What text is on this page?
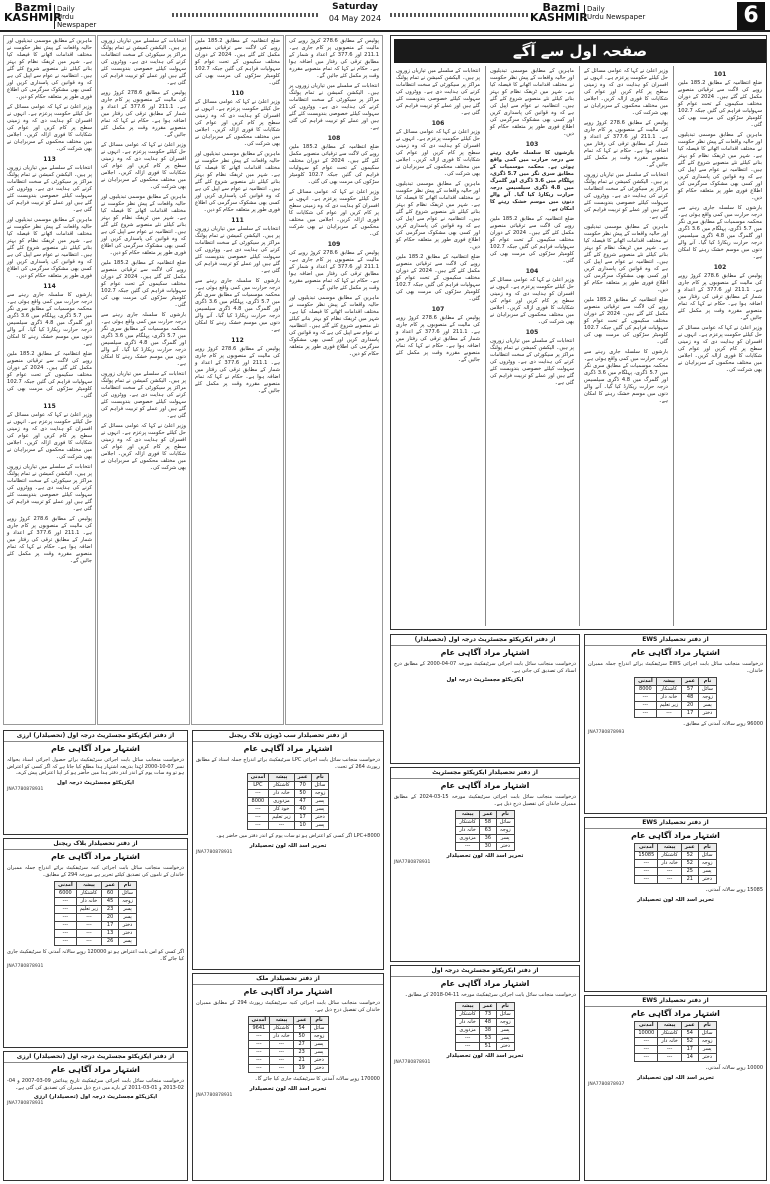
Bazmi
KASHMIR
Daily
Urdu Newspaper
Saturday
04 May 2024
Bazmi
KASHMIR
Daily
Urdu Newspaper	6

ماہرین کے مطابق موسمی تبدیلیوں اور حالیہ واقعات کے پیش نظر حکومت نے مختلف اقدامات اٹھانے کا فیصلہ کیا ہے۔ شہر میں ٹریفک نظام کو بہتر بنانے کیلئے نئے منصوبے شروع کئے گئے ہیں۔ انتظامیہ نے عوام سے اپیل کی ہے کہ وہ قوانین کی پاسداری کریں اور کسی بھی مشکوک سرگرمی کی اطلاع فوری طور پر متعلقہ حکام کو دیں۔

وزیر اعلیٰ نے کہا کہ عوامی مسائل کے حل کیلئے حکومت پرعزم ہے۔ انہوں نے افسران کو ہدایت دی کہ وہ زمینی سطح پر کام کریں اور عوام کی شکایات کا فوری ازالہ کریں۔ اجلاس میں مختلف محکموں کے سربراہان نے بھی شرکت کی۔

113

انتخابات کے سلسلے میں تیاریاں زوروں پر ہیں۔ الیکشن کمیشن نے تمام پولنگ مراکز پر سیکورٹی کے سخت انتظامات کرنے کی ہدایت دی ہے۔ ووٹروں کی سہولت کیلئے خصوصی بندوبست کئے گئے ہیں اور عملے کو تربیت فراہم کی گئی ہے۔

ماہرین کے مطابق موسمی تبدیلیوں اور حالیہ واقعات کے پیش نظر حکومت نے مختلف اقدامات اٹھانے کا فیصلہ کیا ہے۔ شہر میں ٹریفک نظام کو بہتر بنانے کیلئے نئے منصوبے شروع کئے گئے ہیں۔ انتظامیہ نے عوام سے اپیل کی ہے کہ وہ قوانین کی پاسداری کریں اور کسی بھی مشکوک سرگرمی کی اطلاع فوری طور پر متعلقہ حکام کو دیں۔

114

بارشوں کا سلسلہ جاری رہنے سے درجہ حرارت میں کمی واقع ہوئی ہے۔ محکمہ موسمیات کے مطابق سری نگر میں 5.7 ڈگری، پہلگام میں 3.6 ڈگری اور گلمرگ میں 4.8 ڈگری سیلسیس درجہ حرارت ریکارڈ کیا گیا۔ آنے والے دنوں میں موسم خشک رہنے کا امکان ہے۔

ضلع انتظامیہ کے مطابق 185.2 ملین روپے کی لاگت سے ترقیاتی منصوبے مکمل کئے گئے ہیں۔ 2024 کے دوران مختلف سکیموں کے تحت عوام کو سہولیات فراہم کی گئیں جبکہ 102.7 کلومیٹر سڑکوں کی مرمت بھی کی گئی۔

115

وزیر اعلیٰ نے کہا کہ عوامی مسائل کے حل کیلئے حکومت پرعزم ہے۔ انہوں نے افسران کو ہدایت دی کہ وہ زمینی سطح پر کام کریں اور عوام کی شکایات کا فوری ازالہ کریں۔ اجلاس میں مختلف محکموں کے سربراہان نے بھی شرکت کی۔

انتخابات کے سلسلے میں تیاریاں زوروں پر ہیں۔ الیکشن کمیشن نے تمام پولنگ مراکز پر سیکورٹی کے سخت انتظامات کرنے کی ہدایت دی ہے۔ ووٹروں کی سہولت کیلئے خصوصی بندوبست کئے گئے ہیں اور عملے کو تربیت فراہم کی گئی ہے۔

پولیس کے مطابق 278.6 کروڑ روپے کی مالیت کے منصوبوں پر کام جاری ہے۔ 211.1 اور 377.6 کے اعداد و شمار کے مطابق ترقی کی رفتار میں اضافہ ہوا ہے۔ حکام نے کہا کہ تمام منصوبے مقررہ وقت پر مکمل کئے جائیں گے۔

انتخابات کے سلسلے میں تیاریاں زوروں پر ہیں۔ الیکشن کمیشن نے تمام پولنگ مراکز پر سیکورٹی کے سخت انتظامات کرنے کی ہدایت دی ہے۔ ووٹروں کی سہولت کیلئے خصوصی بندوبست کئے گئے ہیں اور عملے کو تربیت فراہم کی گئی ہے۔

پولیس کے مطابق 278.6 کروڑ روپے کی مالیت کے منصوبوں پر کام جاری ہے۔ 211.1 اور 377.6 کے اعداد و شمار کے مطابق ترقی کی رفتار میں اضافہ ہوا ہے۔ حکام نے کہا کہ تمام منصوبے مقررہ وقت پر مکمل کئے جائیں گے۔

وزیر اعلیٰ نے کہا کہ عوامی مسائل کے حل کیلئے حکومت پرعزم ہے۔ انہوں نے افسران کو ہدایت دی کہ وہ زمینی سطح پر کام کریں اور عوام کی شکایات کا فوری ازالہ کریں۔ اجلاس میں مختلف محکموں کے سربراہان نے بھی شرکت کی۔

ماہرین کے مطابق موسمی تبدیلیوں اور حالیہ واقعات کے پیش نظر حکومت نے مختلف اقدامات اٹھانے کا فیصلہ کیا ہے۔ شہر میں ٹریفک نظام کو بہتر بنانے کیلئے نئے منصوبے شروع کئے گئے ہیں۔ انتظامیہ نے عوام سے اپیل کی ہے کہ وہ قوانین کی پاسداری کریں اور کسی بھی مشکوک سرگرمی کی اطلاع فوری طور پر متعلقہ حکام کو دیں۔

ضلع انتظامیہ کے مطابق 185.2 ملین روپے کی لاگت سے ترقیاتی منصوبے مکمل کئے گئے ہیں۔ 2024 کے دوران مختلف سکیموں کے تحت عوام کو سہولیات فراہم کی گئیں جبکہ 102.7 کلومیٹر سڑکوں کی مرمت بھی کی گئی۔

بارشوں کا سلسلہ جاری رہنے سے درجہ حرارت میں کمی واقع ہوئی ہے۔ محکمہ موسمیات کے مطابق سری نگر میں 5.7 ڈگری، پہلگام میں 3.6 ڈگری اور گلمرگ میں 4.8 ڈگری سیلسیس درجہ حرارت ریکارڈ کیا گیا۔ آنے والے دنوں میں موسم خشک رہنے کا امکان ہے۔

انتخابات کے سلسلے میں تیاریاں زوروں پر ہیں۔ الیکشن کمیشن نے تمام پولنگ مراکز پر سیکورٹی کے سخت انتظامات کرنے کی ہدایت دی ہے۔ ووٹروں کی سہولت کیلئے خصوصی بندوبست کئے گئے ہیں اور عملے کو تربیت فراہم کی گئی ہے۔

وزیر اعلیٰ نے کہا کہ عوامی مسائل کے حل کیلئے حکومت پرعزم ہے۔ انہوں نے افسران کو ہدایت دی کہ وہ زمینی سطح پر کام کریں اور عوام کی شکایات کا فوری ازالہ کریں۔ اجلاس میں مختلف محکموں کے سربراہان نے بھی شرکت کی۔

ضلع انتظامیہ کے مطابق 185.2 ملین روپے کی لاگت سے ترقیاتی منصوبے مکمل کئے گئے ہیں۔ 2024 کے دوران مختلف سکیموں کے تحت عوام کو سہولیات فراہم کی گئیں جبکہ 102.7 کلومیٹر سڑکوں کی مرمت بھی کی گئی۔

110

وزیر اعلیٰ نے کہا کہ عوامی مسائل کے حل کیلئے حکومت پرعزم ہے۔ انہوں نے افسران کو ہدایت دی کہ وہ زمینی سطح پر کام کریں اور عوام کی شکایات کا فوری ازالہ کریں۔ اجلاس میں مختلف محکموں کے سربراہان نے بھی شرکت کی۔

ماہرین کے مطابق موسمی تبدیلیوں اور حالیہ واقعات کے پیش نظر حکومت نے مختلف اقدامات اٹھانے کا فیصلہ کیا ہے۔ شہر میں ٹریفک نظام کو بہتر بنانے کیلئے نئے منصوبے شروع کئے گئے ہیں۔ انتظامیہ نے عوام سے اپیل کی ہے کہ وہ قوانین کی پاسداری کریں اور کسی بھی مشکوک سرگرمی کی اطلاع فوری طور پر متعلقہ حکام کو دیں۔

111

انتخابات کے سلسلے میں تیاریاں زوروں پر ہیں۔ الیکشن کمیشن نے تمام پولنگ مراکز پر سیکورٹی کے سخت انتظامات کرنے کی ہدایت دی ہے۔ ووٹروں کی سہولت کیلئے خصوصی بندوبست کئے گئے ہیں اور عملے کو تربیت فراہم کی گئی ہے۔

بارشوں کا سلسلہ جاری رہنے سے درجہ حرارت میں کمی واقع ہوئی ہے۔ محکمہ موسمیات کے مطابق سری نگر میں 5.7 ڈگری، پہلگام میں 3.6 ڈگری اور گلمرگ میں 4.8 ڈگری سیلسیس درجہ حرارت ریکارڈ کیا گیا۔ آنے والے دنوں میں موسم خشک رہنے کا امکان ہے۔

112

پولیس کے مطابق 278.6 کروڑ روپے کی مالیت کے منصوبوں پر کام جاری ہے۔ 211.1 اور 377.6 کے اعداد و شمار کے مطابق ترقی کی رفتار میں اضافہ ہوا ہے۔ حکام نے کہا کہ تمام منصوبے مقررہ وقت پر مکمل کئے جائیں گے۔

پولیس کے مطابق 278.6 کروڑ روپے کی مالیت کے منصوبوں پر کام جاری ہے۔ 211.1 اور 377.6 کے اعداد و شمار کے مطابق ترقی کی رفتار میں اضافہ ہوا ہے۔ حکام نے کہا کہ تمام منصوبے مقررہ وقت پر مکمل کئے جائیں گے۔

انتخابات کے سلسلے میں تیاریاں زوروں پر ہیں۔ الیکشن کمیشن نے تمام پولنگ مراکز پر سیکورٹی کے سخت انتظامات کرنے کی ہدایت دی ہے۔ ووٹروں کی سہولت کیلئے خصوصی بندوبست کئے گئے ہیں اور عملے کو تربیت فراہم کی گئی ہے۔

108

ضلع انتظامیہ کے مطابق 185.2 ملین روپے کی لاگت سے ترقیاتی منصوبے مکمل کئے گئے ہیں۔ 2024 کے دوران مختلف سکیموں کے تحت عوام کو سہولیات فراہم کی گئیں جبکہ 102.7 کلومیٹر سڑکوں کی مرمت بھی کی گئی۔

وزیر اعلیٰ نے کہا کہ عوامی مسائل کے حل کیلئے حکومت پرعزم ہے۔ انہوں نے افسران کو ہدایت دی کہ وہ زمینی سطح پر کام کریں اور عوام کی شکایات کا فوری ازالہ کریں۔ اجلاس میں مختلف محکموں کے سربراہان نے بھی شرکت کی۔

109

پولیس کے مطابق 278.6 کروڑ روپے کی مالیت کے منصوبوں پر کام جاری ہے۔ 211.1 اور 377.6 کے اعداد و شمار کے مطابق ترقی کی رفتار میں اضافہ ہوا ہے۔ حکام نے کہا کہ تمام منصوبے مقررہ وقت پر مکمل کئے جائیں گے۔

ماہرین کے مطابق موسمی تبدیلیوں اور حالیہ واقعات کے پیش نظر حکومت نے مختلف اقدامات اٹھانے کا فیصلہ کیا ہے۔ شہر میں ٹریفک نظام کو بہتر بنانے کیلئے نئے منصوبے شروع کئے گئے ہیں۔ انتظامیہ نے عوام سے اپیل کی ہے کہ وہ قوانین کی پاسداری کریں اور کسی بھی مشکوک سرگرمی کی اطلاع فوری طور پر متعلقہ حکام کو دیں۔

صفحہ اول سے آگے

انتخابات کے سلسلے میں تیاریاں زوروں پر ہیں۔ الیکشن کمیشن نے تمام پولنگ مراکز پر سیکورٹی کے سخت انتظامات کرنے کی ہدایت دی ہے۔ ووٹروں کی سہولت کیلئے خصوصی بندوبست کئے گئے ہیں اور عملے کو تربیت فراہم کی گئی ہے۔

106

وزیر اعلیٰ نے کہا کہ عوامی مسائل کے حل کیلئے حکومت پرعزم ہے۔ انہوں نے افسران کو ہدایت دی کہ وہ زمینی سطح پر کام کریں اور عوام کی شکایات کا فوری ازالہ کریں۔ اجلاس میں مختلف محکموں کے سربراہان نے بھی شرکت کی۔

ماہرین کے مطابق موسمی تبدیلیوں اور حالیہ واقعات کے پیش نظر حکومت نے مختلف اقدامات اٹھانے کا فیصلہ کیا ہے۔ شہر میں ٹریفک نظام کو بہتر بنانے کیلئے نئے منصوبے شروع کئے گئے ہیں۔ انتظامیہ نے عوام سے اپیل کی ہے کہ وہ قوانین کی پاسداری کریں اور کسی بھی مشکوک سرگرمی کی اطلاع فوری طور پر متعلقہ حکام کو دیں۔

ضلع انتظامیہ کے مطابق 185.2 ملین روپے کی لاگت سے ترقیاتی منصوبے مکمل کئے گئے ہیں۔ 2024 کے دوران مختلف سکیموں کے تحت عوام کو سہولیات فراہم کی گئیں جبکہ 102.7 کلومیٹر سڑکوں کی مرمت بھی کی گئی۔

107

پولیس کے مطابق 278.6 کروڑ روپے کی مالیت کے منصوبوں پر کام جاری ہے۔ 211.1 اور 377.6 کے اعداد و شمار کے مطابق ترقی کی رفتار میں اضافہ ہوا ہے۔ حکام نے کہا کہ تمام منصوبے مقررہ وقت پر مکمل کئے جائیں گے۔

ماہرین کے مطابق موسمی تبدیلیوں اور حالیہ واقعات کے پیش نظر حکومت نے مختلف اقدامات اٹھانے کا فیصلہ کیا ہے۔ شہر میں ٹریفک نظام کو بہتر بنانے کیلئے نئے منصوبے شروع کئے گئے ہیں۔ انتظامیہ نے عوام سے اپیل کی ہے کہ وہ قوانین کی پاسداری کریں اور کسی بھی مشکوک سرگرمی کی اطلاع فوری طور پر متعلقہ حکام کو دیں۔

103

بارشوں کا سلسلہ جاری رہنے سے درجہ حرارت میں کمی واقع ہوئی ہے۔ محکمہ موسمیات کے مطابق سری نگر میں 5.7 ڈگری، پہلگام میں 3.6 ڈگری اور گلمرگ میں 4.8 ڈگری سیلسیس درجہ حرارت ریکارڈ کیا گیا۔ آنے والے دنوں میں موسم خشک رہنے کا امکان ہے۔

ضلع انتظامیہ کے مطابق 185.2 ملین روپے کی لاگت سے ترقیاتی منصوبے مکمل کئے گئے ہیں۔ 2024 کے دوران مختلف سکیموں کے تحت عوام کو سہولیات فراہم کی گئیں جبکہ 102.7 کلومیٹر سڑکوں کی مرمت بھی کی گئی۔

104

وزیر اعلیٰ نے کہا کہ عوامی مسائل کے حل کیلئے حکومت پرعزم ہے۔ انہوں نے افسران کو ہدایت دی کہ وہ زمینی سطح پر کام کریں اور عوام کی شکایات کا فوری ازالہ کریں۔ اجلاس میں مختلف محکموں کے سربراہان نے بھی شرکت کی۔

105

انتخابات کے سلسلے میں تیاریاں زوروں پر ہیں۔ الیکشن کمیشن نے تمام پولنگ مراکز پر سیکورٹی کے سخت انتظامات کرنے کی ہدایت دی ہے۔ ووٹروں کی سہولت کیلئے خصوصی بندوبست کئے گئے ہیں اور عملے کو تربیت فراہم کی گئی ہے۔

وزیر اعلیٰ نے کہا کہ عوامی مسائل کے حل کیلئے حکومت پرعزم ہے۔ انہوں نے افسران کو ہدایت دی کہ وہ زمینی سطح پر کام کریں اور عوام کی شکایات کا فوری ازالہ کریں۔ اجلاس میں مختلف محکموں کے سربراہان نے بھی شرکت کی۔

پولیس کے مطابق 278.6 کروڑ روپے کی مالیت کے منصوبوں پر کام جاری ہے۔ 211.1 اور 377.6 کے اعداد و شمار کے مطابق ترقی کی رفتار میں اضافہ ہوا ہے۔ حکام نے کہا کہ تمام منصوبے مقررہ وقت پر مکمل کئے جائیں گے۔

انتخابات کے سلسلے میں تیاریاں زوروں پر ہیں۔ الیکشن کمیشن نے تمام پولنگ مراکز پر سیکورٹی کے سخت انتظامات کرنے کی ہدایت دی ہے۔ ووٹروں کی سہولت کیلئے خصوصی بندوبست کئے گئے ہیں اور عملے کو تربیت فراہم کی گئی ہے۔

ماہرین کے مطابق موسمی تبدیلیوں اور حالیہ واقعات کے پیش نظر حکومت نے مختلف اقدامات اٹھانے کا فیصلہ کیا ہے۔ شہر میں ٹریفک نظام کو بہتر بنانے کیلئے نئے منصوبے شروع کئے گئے ہیں۔ انتظامیہ نے عوام سے اپیل کی ہے کہ وہ قوانین کی پاسداری کریں اور کسی بھی مشکوک سرگرمی کی اطلاع فوری طور پر متعلقہ حکام کو دیں۔

ضلع انتظامیہ کے مطابق 185.2 ملین روپے کی لاگت سے ترقیاتی منصوبے مکمل کئے گئے ہیں۔ 2024 کے دوران مختلف سکیموں کے تحت عوام کو سہولیات فراہم کی گئیں جبکہ 102.7 کلومیٹر سڑکوں کی مرمت بھی کی گئی۔

بارشوں کا سلسلہ جاری رہنے سے درجہ حرارت میں کمی واقع ہوئی ہے۔ محکمہ موسمیات کے مطابق سری نگر میں 5.7 ڈگری، پہلگام میں 3.6 ڈگری اور گلمرگ میں 4.8 ڈگری سیلسیس درجہ حرارت ریکارڈ کیا گیا۔ آنے والے دنوں میں موسم خشک رہنے کا امکان ہے۔

101

ضلع انتظامیہ کے مطابق 185.2 ملین روپے کی لاگت سے ترقیاتی منصوبے مکمل کئے گئے ہیں۔ 2024 کے دوران مختلف سکیموں کے تحت عوام کو سہولیات فراہم کی گئیں جبکہ 102.7 کلومیٹر سڑکوں کی مرمت بھی کی گئی۔

ماہرین کے مطابق موسمی تبدیلیوں اور حالیہ واقعات کے پیش نظر حکومت نے مختلف اقدامات اٹھانے کا فیصلہ کیا ہے۔ شہر میں ٹریفک نظام کو بہتر بنانے کیلئے نئے منصوبے شروع کئے گئے ہیں۔ انتظامیہ نے عوام سے اپیل کی ہے کہ وہ قوانین کی پاسداری کریں اور کسی بھی مشکوک سرگرمی کی اطلاع فوری طور پر متعلقہ حکام کو دیں۔

بارشوں کا سلسلہ جاری رہنے سے درجہ حرارت میں کمی واقع ہوئی ہے۔ محکمہ موسمیات کے مطابق سری نگر میں 5.7 ڈگری، پہلگام میں 3.6 ڈگری اور گلمرگ میں 4.8 ڈگری سیلسیس درجہ حرارت ریکارڈ کیا گیا۔ آنے والے دنوں میں موسم خشک رہنے کا امکان ہے۔

102

پولیس کے مطابق 278.6 کروڑ روپے کی مالیت کے منصوبوں پر کام جاری ہے۔ 211.1 اور 377.6 کے اعداد و شمار کے مطابق ترقی کی رفتار میں اضافہ ہوا ہے۔ حکام نے کہا کہ تمام منصوبے مقررہ وقت پر مکمل کئے جائیں گے۔

وزیر اعلیٰ نے کہا کہ عوامی مسائل کے حل کیلئے حکومت پرعزم ہے۔ انہوں نے افسران کو ہدایت دی کہ وہ زمینی سطح پر کام کریں اور عوام کی شکایات کا فوری ازالہ کریں۔ اجلاس میں مختلف محکموں کے سربراہان نے بھی شرکت کی۔

از دفتر ایکزیکٹو مجسٹریٹ درجہ اول (تحصیلدار) ارزی
اشتہار مراد آگاہی عام
درخواست منجانب سائل بابت اجرائی سرٹیفکیٹ برائے حصول اجرائی اسناد بحوالہ نمبر 07-10-2000 لہٰذا بذریعہ اشتہار ہذا مطلع کیا جاتا ہے کہ اگر کسی کو اعتراض ہو تو وہ سات یوم کے اندر اندر دفتر ہذا میں حاضر ہو کر اپنا اعتراض پیش کرے۔
ایکزیکٹو مجسٹریٹ درجہ اول
JNA7780878931
از دفتر تحصیلدار بلاک ریجنل
اشتہار مراد آگاہی عام
درخواست منجانب سائل بابت اجرائی کنبہ سرٹیفکیٹ برائے اندراج جملہ ممبران خاندان کے ناموں کی تصدیق کیلئے تحریر ہے مورخہ 294 کے مطابق۔
نام	عمر	پیشہ	آمدنی
سائل	60	کاشتکار	6000
زوجہ	45	خانہ دار	---
پسر	23	زیر تعلیم	---
پسر	20	---	---
دختر	17	---	---
دختر	13	---	---
پسر	26	---	---
اگر کسی کو اس بابت اعتراض ہو تو 120000 روپے سالانہ آمدنی کا سرٹیفکیٹ جاری کیا جائے گا۔
JNA7780878931
از دفتر ایکزیکٹو مجسٹریٹ درجہ اول (تحصیلدار) ارزی
اشتہار مراد آگاہی عام
درخواست منجانب سائل بابت اجرائی سرٹیفکیٹ تاریخ پیدائش 09-03-2007 و 04-02-2013 و 01-03-2011 کے بارے میں درج ذیل ممبران کی تصدیق کی گئی ہے۔
ایکزیکٹو مجسٹریٹ درجہ اول (تحصیلدار) ارزی
JNA7780878931
از دفتر تحصیلدار سب ڈویژن بلاک ریجنل
اشتہار مراد آگاہی عام
درخواست منجانب سائل بابت اجرائی LPC سرٹیفکیٹ برائے اندراج جملہ اسناد کے مطابق رپورٹ 264 کے تحت۔
نام	عمر	پیشہ	آمدنی
سائل	70	کاشتکار	LPC
زوجہ	50	خانہ دار	---
پسر	47	مزدوری	8000
پسر	40	خود کار	---
دختر	17	زیر تعلیم	---
پسر	10	---	---
LPC+8000 اگر کسی کو اعتراض ہو تو سات یوم کے اندر دفتر میں حاضر ہو۔
تحریر اسد اللہ لون تحصیلدار
JNA7780878931
از دفتر تحصیلدار ملک
اشتہار مراد آگاہی عام
درخواست منجانب سائل بابت اجرائی کنبہ سرٹیفکیٹ رپورٹ 294 کے مطابق ممبران خاندان کی تفصیل درج ذیل ہے۔
نام	عمر	پیشہ	آمدنی
سائل	54	کاشتکار	9641
زوجہ	50	خانہ دار	---
پسر	27	---	---
پسر	23	---	---
دختر	21	---	---
دختر	19	---	---
170000 روپے سالانہ آمدنی کا سرٹیفکیٹ جاری کیا جائے گا۔
تحریر اسد اللہ لون تحصیلدار
JNA7780878931
از دفتر ایکزیکٹو مجسٹریٹ درجہ اول (تحصیلدار)
اشتہار مراد آگاہی عام
درخواست منجانب سائل بابت اجرائی سرٹیفکیٹ مورخہ 07-04-2000 کے مطابق درج اسناد کی تصدیق کی جاتی ہے۔
ایکزیکٹو مجسٹریٹ درجہ اول
از دفتر تحصیلدار EWS
اشتہار مراد آگاہی عام
درخواست منجانب سائل بابت اجرائی EWS سرٹیفکیٹ برائے اندراج جملہ ممبران خاندان۔
نام	عمر	پیشہ	آمدنی
سائل	57	کاشتکار	8000
زوجہ	48	خانہ دار	---
پسر	20	زیر تعلیم	---
دختر	17	---	---
96000 روپے سالانہ آمدنی کے مطابق۔
JNA7780878993
از دفتر تحصیلدار ایکزیکٹو مجسٹریٹ
اشتہار مراد آگاہی عام
درخواست منجانب سائل بابت اجرائی سرٹیفکیٹ مورخہ 15-03-2024 کے مطابق ممبران خاندان کی تفصیل درج ذیل ہے۔
نام	عمر	پیشہ
سائل	58	کاشتکار
زوجہ	63	خانہ دار
پسر	36	مزدوری
دختر	30	---
تحریر اسد اللہ لون تحصیلدار
JNA7780878931
از دفتر تحصیلدار EWS
اشتہار مراد آگاہی عام
نام	عمر	پیشہ	آمدنی
سائل	52	کاشتکار	15085
زوجہ	52	خانہ دار	---
پسر	25	---	---
دختر	21	---	---
15085 روپے سالانہ آمدنی۔
تحریر اسد اللہ لون تحصیلدار
از دفتر ایکزیکٹو مجسٹریٹ درجہ اول
اشتہار مراد آگاہی عام
درخواست منجانب سائل بابت اجرائی سرٹیفکیٹ مورخہ 11-04-2018 کے مطابق۔
نام	عمر	پیشہ
سائل	73	کاشتکار
زوجہ	48	خانہ دار
پسر	38	مزدوری
پسر	53	---
دختر	51	---
تحریر اسد اللہ لون تحصیلدار
JNA7780878931
از دفتر تحصیلدار EWS
اشتہار مراد آگاہی عام
نام	عمر	پیشہ	آمدنی
سائل	54	کاشتکار	10000
زوجہ	52	خانہ دار	---
پسر	17	---	---
دختر	14	---	---
10000 روپے سالانہ آمدنی۔
تحریر اسد اللہ لون تحصیلدار
JNA7780878937
